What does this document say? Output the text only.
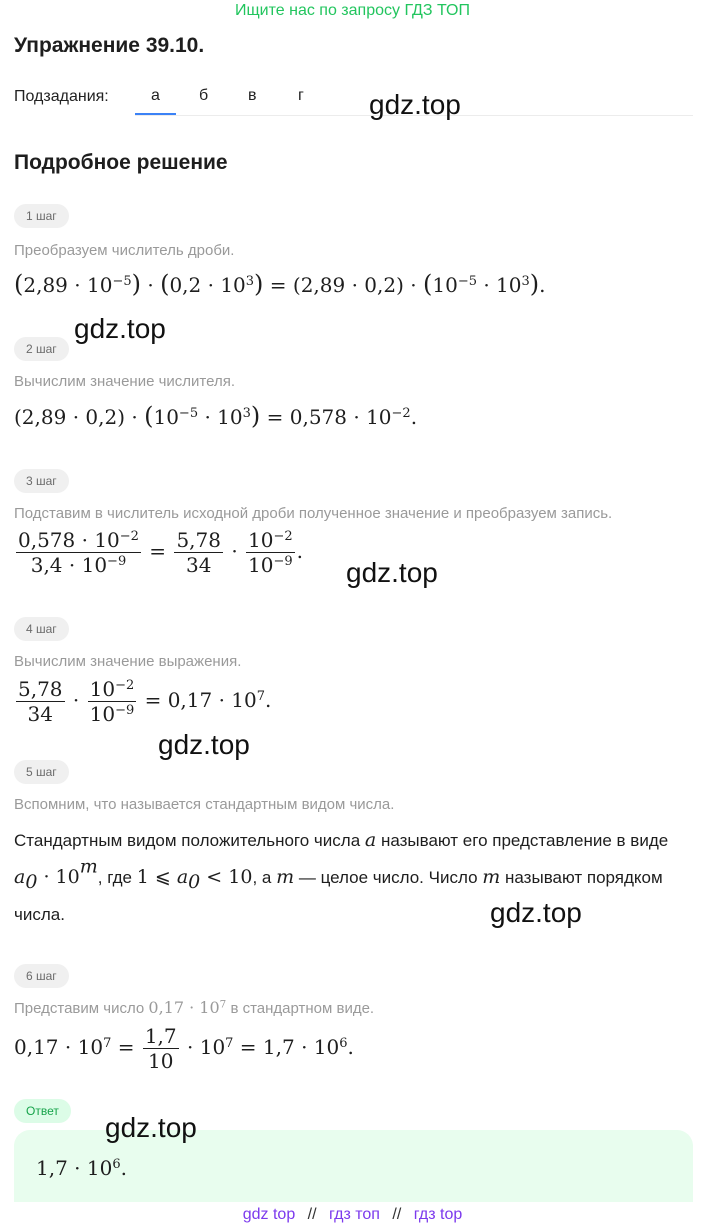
Ищите нас по запросу ГДЗ ТОП
Упражнение 39.10.
Подзадания:	а б в	г gdz.top
gdz.top
gdz.top
gdz.top
gdz.top
gdz.top
Подробное решение
1 шаг
Преобразуем числитель дроби.
$(2,89 \cdot 10^{-5}) \cdot (0,2 \cdot 10^3) = (2,89 \cdot 0,2) \cdot (10^{-5} \cdot 10^3)$.
2 шаг
Вычислим значение числителя.
$(2,89 \cdot 0,2) \cdot (10^{-5} \cdot 10^3) = 0,578 \cdot 10^{-2}$.
3 шаг
Подставим в числитель исходной дроби полученное значение и преобразуем запись.
$\frac{0,578 \cdot 10^{-2}}{3,4 \cdot 10^{-9}} = \frac{5,78}{34} \cdot \frac{10^{-2}}{10^{-9}}$ .
4 шаг
Вычислим значение выражения.
$\frac{5,78}{34} \cdot \frac{10^{-2}}{10^{-9}} = 0,17 \cdot 10^7$.
5 шаг
Вспомним, что называется стандартным видом числа.
Стандартным видом положительного числа a называют его представление в виде $a_0 \cdot 10^m$, где 1 ⩽ $a_0 < 10$, а m — целое число. Число m называют порядком числа.
6 шаг
Представим число $0,17 \cdot 10^7$ в стандартном виде.
$0,17 \cdot 10^7 = \frac{1,7}{10} \cdot 10^7 = 1,7 \cdot 10^6$.
Ответ
$1,7 \cdot 10^6$.
gdz top // гдз топ // гдз top
